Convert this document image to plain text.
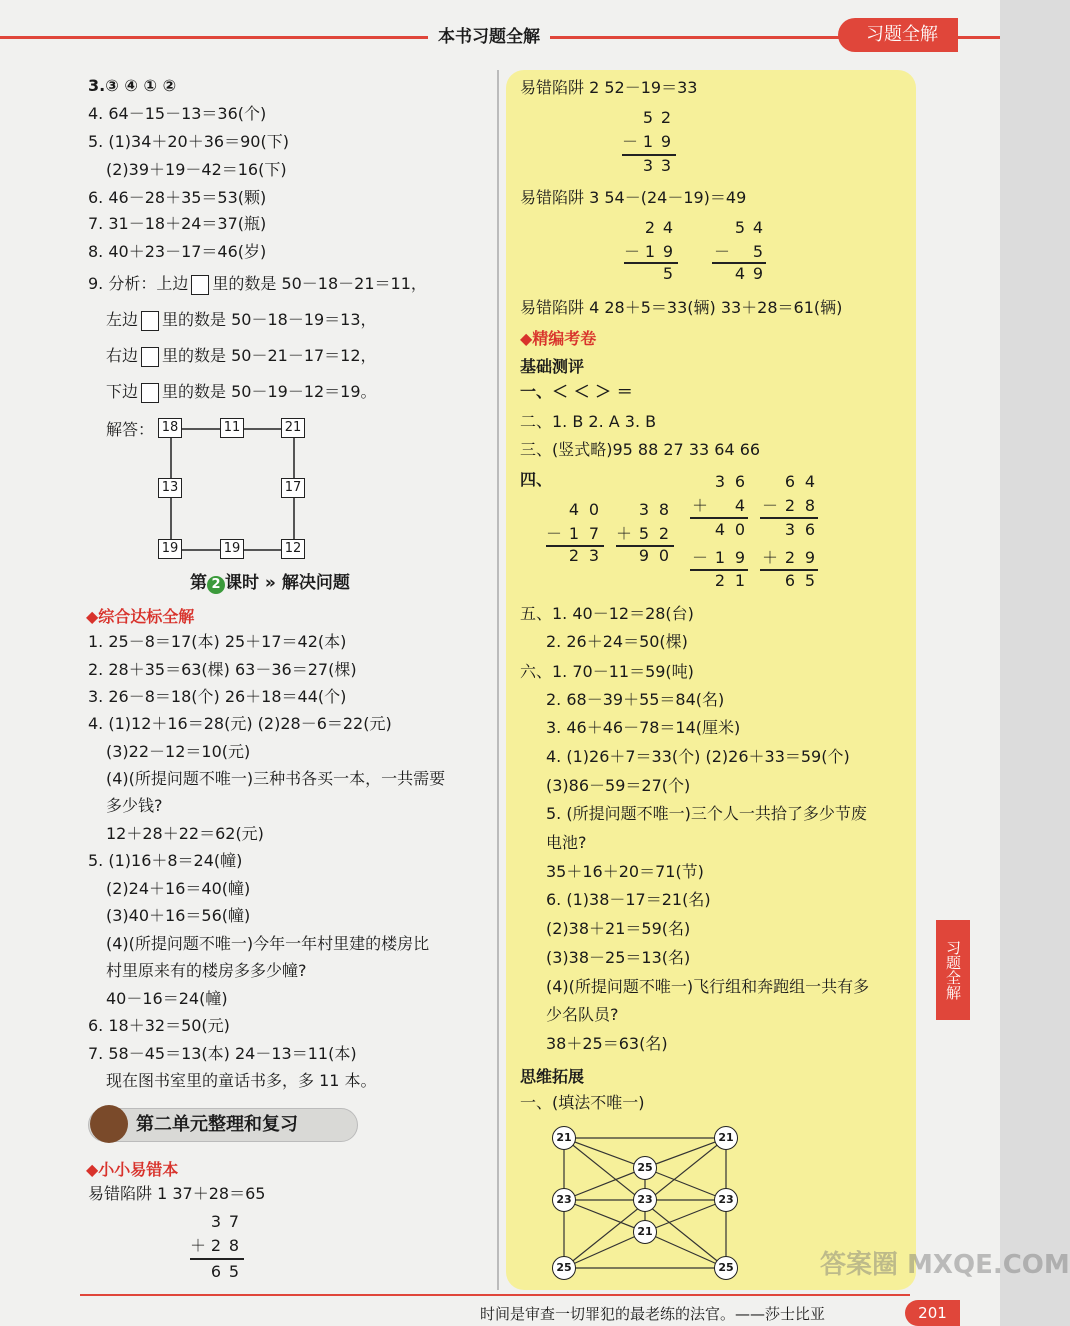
本书习题全解	习题全解
习题全解
3.③ ④ ① ②
4. 64－15－13＝36(个)
5. (1)34＋20＋36＝90(下)
(2)39＋19－42＝16(下)
6. 46－28＋35＝53(颗)
7. 31－18＋24＝37(瓶)
8. 40＋23－17＝46(岁)
9. 分析：上边 里的数是 50－18－21＝11，
左边 里的数是 50－18－19＝13，
右边 里的数是 50－21－17＝12，
下边 里的数是 50－19－12＝19。
解答： 18	11	21
13	17
19	19	12
第 2 课时 » 解决问题
◆综合达标全解
1. 25－8＝17(本) 25＋17＝42(本)
2. 28＋35＝63(棵) 63－36＝27(棵)
3. 26－8＝18(个) 26＋18＝44(个)
4. (1)12＋16＝28(元) (2)28－6＝22(元)
(3)22－12＝10(元)
(4)(所提问题不唯一)三种书各买一本，一共需要
多少钱?
12＋28＋22＝62(元)
5. (1)16＋8＝24(幢)
(2)24＋16＝40(幢)
(3)40＋16＝56(幢)
(4)(所提问题不唯一)今年一年村里建的楼房比
村里原来有的楼房多多少幢?
40－16＝24(幢)
6. 18＋32＝50(元)
7. 58－45＝13(本) 24－13＝11(本)
现在图书室里的童话书多，多 11 本。
第二单元整理和复习
◆小小易错本
易错陷阱 1 37＋28＝65
3 7
＋ 2 8
6 5
易错陷阱 2 52－19＝33
5 2
－ 1 9
3 3
易错陷阱 3 54－(24－19)＝49
2 4
－ 1 9
5
5 4
－ 5
4 9
易错陷阱 4 28＋5＝33(辆) 33＋28＝61(辆)
◆精编考卷
基础测评
一、＜ ＜ ＞ ＝
二、1. B 2. A 3. B
三、(竖式略)95 88 27 33 64 66
四、
4 0
－ 1 7
2 3
3 8
＋ 5 2
9 0
3 6
＋ 4
4 0
－ 1 9
2 1
6 4
－ 2 8
3 6
＋ 2 9
6 5
五、1. 40－12＝28(台)
2. 26＋24＝50(棵)
六、1. 70－11＝59(吨)
2. 68－39＋55＝84(名)
3. 46＋46－78＝14(厘米)
4. (1)26＋7＝33(个) (2)26＋33＝59(个)
(3)86－59＝27(个)
5. (所提问题不唯一)三个人一共拾了多少节废
电池?
35＋16＋20＝71(节)
6. (1)38－17＝21(名)
(2)38＋21＝59(名)
(3)38－25＝13(名)
(4)(所提问题不唯一)飞行组和奔跑组一共有多
少名队员?
38＋25＝63(名)
思维拓展
一、(填法不唯一)
21	21
25
23	23	23
21
25	25
时间是审查一切罪犯的最老练的法官。——莎士比亚	201
答案圈 MXQE.COM
